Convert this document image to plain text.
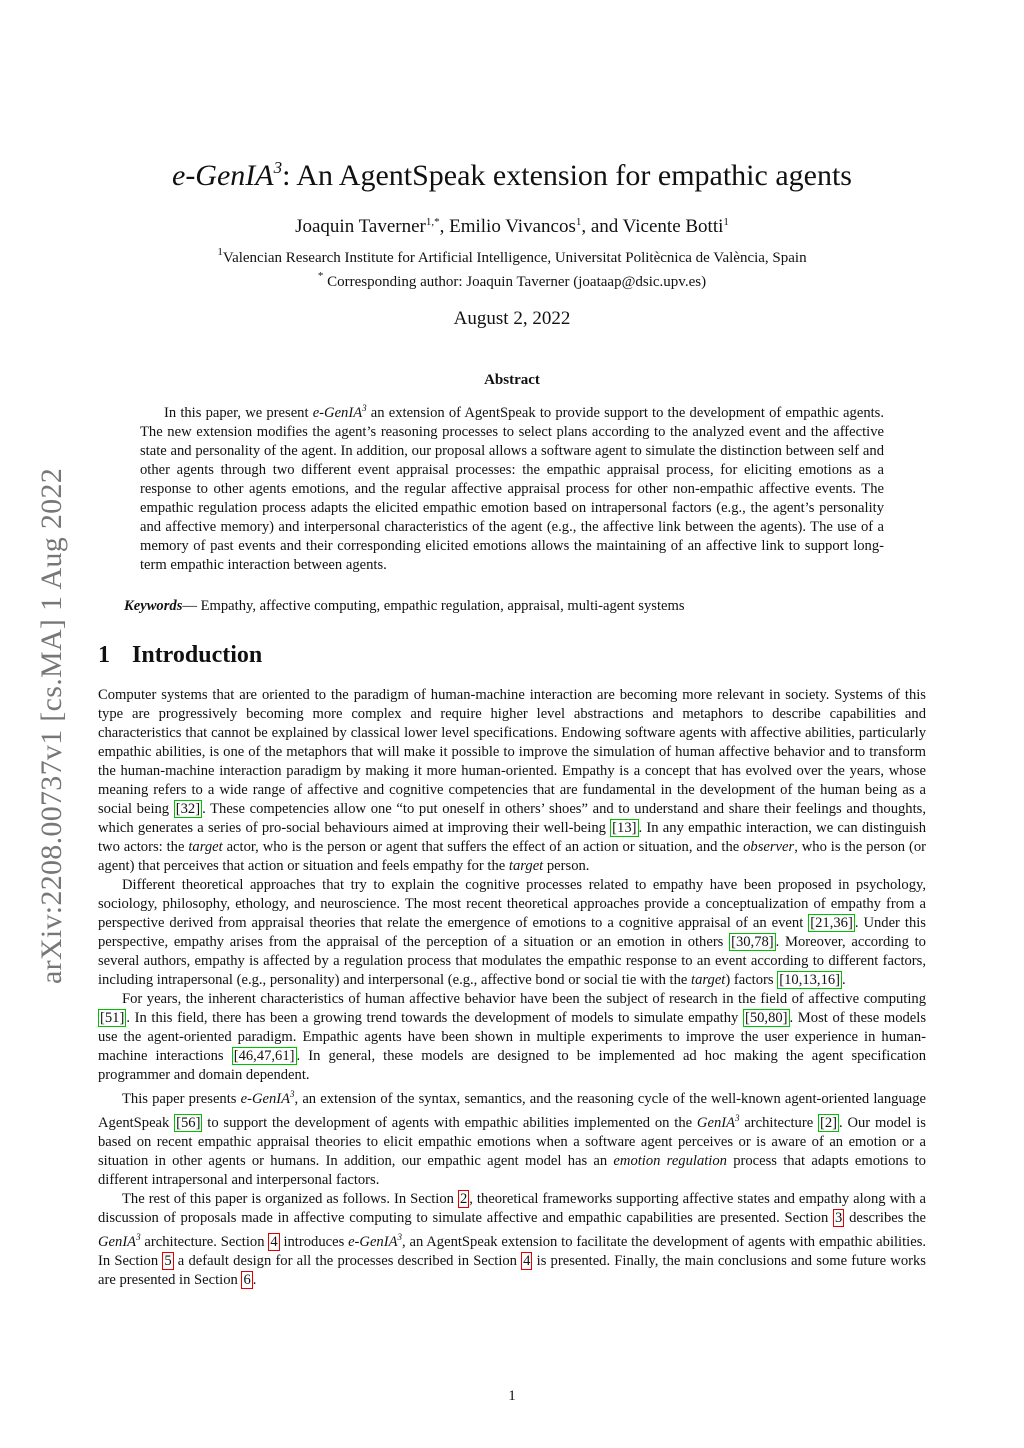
arXiv:2208.00737v1 [cs.MA] 1 Aug 2022
e-GenIA$^3$: An AgentSpeak extension for empathic agents
Joaquin Taverner$^{1,*}$, Emilio Vivancos$^1$, and Vicente Botti$^1$
$^1$Valencian Research Institute for Artificial Intelligence, Universitat Politècnica de València, Spain
* Corresponding author: Joaquin Taverner (joataap@dsic.upv.es)
August 2, 2022
Abstract

In this paper, we present e-GenIA$^3$ an extension of AgentSpeak to provide support to the development of empathic agents. The new extension modifies the agent’s reasoning processes to select plans according to the analyzed event and the affective state and personality of the agent. In addition, our proposal allows a software agent to simulate the distinction between self and other agents through two different event appraisal processes: the empathic appraisal process, for eliciting emotions as a response to other agents emotions, and the regular affective appraisal process for other non-empathic affective events. The empathic regulation process adapts the elicited empathic emotion based on intrapersonal factors (e.g., the agent’s personality and affective memory) and interpersonal characteristics of the agent (e.g., the affective link between the agents). The use of a memory of past events and their corresponding elicited emotions allows the maintaining of an affective link to support long-term empathic interaction between agents.

Keywords— Empathy, affective computing, empathic regulation, appraisal, multi-agent systems

1 Introduction

Computer systems that are oriented to the paradigm of human-machine interaction are becoming more relevant in society. Systems of this type are progressively becoming more complex and require higher level abstractions and metaphors to describe capabilities and characteristics that cannot be explained by classical lower level specifications. Endowing software agents with affective abilities, particularly empathic abilities, is one of the metaphors that will make it possible to improve the simulation of human affective behavior and to transform the human-machine interaction paradigm by making it more human-oriented. Empathy is a concept that has evolved over the years, whose meaning refers to a wide range of affective and cognitive competencies that are fundamental in the development of the human being as a social being [32] . These competencies allow one “to put oneself in others’ shoes” and to understand and share their feelings and thoughts, which generates a series of pro-social behaviours aimed at improving their well-being [13] . In any empathic interaction, we can distinguish two actors: the target actor, who is the person or agent that suffers the effect of an action or situation, and the observer, who is the person (or agent) that perceives that action or situation and feels empathy for the target person.

Different theoretical approaches that try to explain the cognitive processes related to empathy have been proposed in psychology, sociology, philosophy, ethology, and neuroscience. The most recent theoretical approaches provide a conceptualization of empathy from a perspective derived from appraisal theories that relate the emergence of emotions to a cognitive appraisal of an event [21,36] . Under this perspective, empathy arises from the appraisal of the perception of a situation or an emotion in others [30,78] . Moreover, according to several authors, empathy is affected by a regulation process that modulates the empathic response to an event according to different factors, including intrapersonal (e.g., personality) and interpersonal (e.g., affective bond or social tie with the target) factors [10,13,16] .

For years, the inherent characteristics of human affective behavior have been the subject of research in the field of affective computing [51] . In this field, there has been a growing trend towards the development of models to simulate empathy [50,80] . Most of these models use the agent-oriented paradigm. Empathic agents have been shown in multiple experiments to improve the user experience in human-machine interactions [46,47,61] . In general, these models are designed to be implemented ad hoc making the agent specification programmer and domain dependent.

This paper presents e-GenIA$^3$, an extension of the syntax, semantics, and the reasoning cycle of the well-known agent-oriented language AgentSpeak [56] to support the development of agents with empathic abilities implemented on the GenIA$^3$ architecture [2] . Our model is based on recent empathic appraisal theories to elicit empathic emotions when a software agent perceives or is aware of an emotion or a situation in other agents or humans. In addition, our empathic agent model has an emotion regulation process that adapts emotions to different intrapersonal and interpersonal factors.

The rest of this paper is organized as follows. In Section 2 , theoretical frameworks supporting affective states and empathy along with a discussion of proposals made in affective computing to simulate affective and empathic capabilities are presented. Section 3 describes the GenIA$^3$ architecture. Section 4 introduces e-GenIA$^3$, an AgentSpeak extension to facilitate the development of agents with empathic abilities. In Section 5 a default design for all the processes described in Section 4 is presented. Finally, the main conclusions and some future works are presented in Section 6 .

1
